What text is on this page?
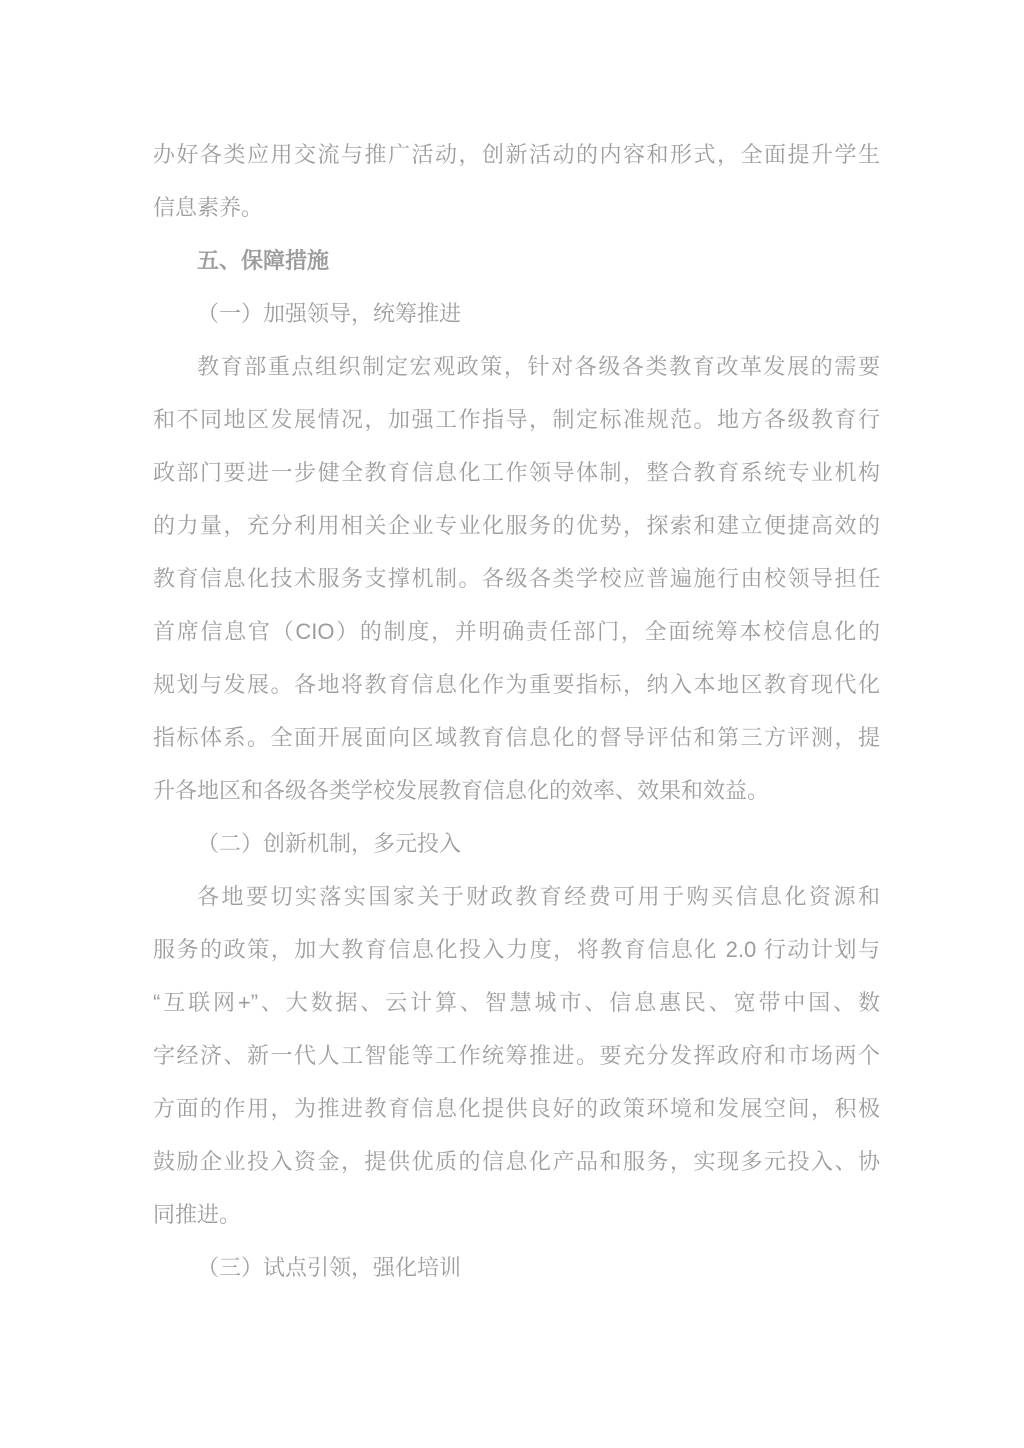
办好各类应用交流与推广活动，创新活动的内容和形式，全面提升学生
信息素养。
五、保障措施
（一）加强领导，统筹推进
教育部重点组织制定宏观政策，针对各级各类教育改革发展的需要
和不同地区发展情况，加强工作指导，制定标准规范。地方各级教育行
政部门要进一步健全教育信息化工作领导体制，整合教育系统专业机构
的力量，充分利用相关企业专业化服务的优势，探索和建立便捷高效的
教育信息化技术服务支撑机制。各级各类学校应普遍施行由校领导担任
首席信息官（CIO）的制度，并明确责任部门，全面统筹本校信息化的
规划与发展。各地将教育信息化作为重要指标，纳入本地区教育现代化
指标体系。全面开展面向区域教育信息化的督导评估和第三方评测，提
升各地区和各级各类学校发展教育信息化的效率、效果和效益。
（二）创新机制，多元投入
各地要切实落实国家关于财政教育经费可用于购买信息化资源和
服务的政策，加大教育信息化投入力度，将教育信息化 2.0 行动计划与
“互联网+”、大数据、云计算、智慧城市、信息惠民、宽带中国、数
字经济、新一代人工智能等工作统筹推进。要充分发挥政府和市场两个
方面的作用，为推进教育信息化提供良好的政策环境和发展空间，积极
鼓励企业投入资金，提供优质的信息化产品和服务，实现多元投入、协
同推进。
（三）试点引领，强化培训
